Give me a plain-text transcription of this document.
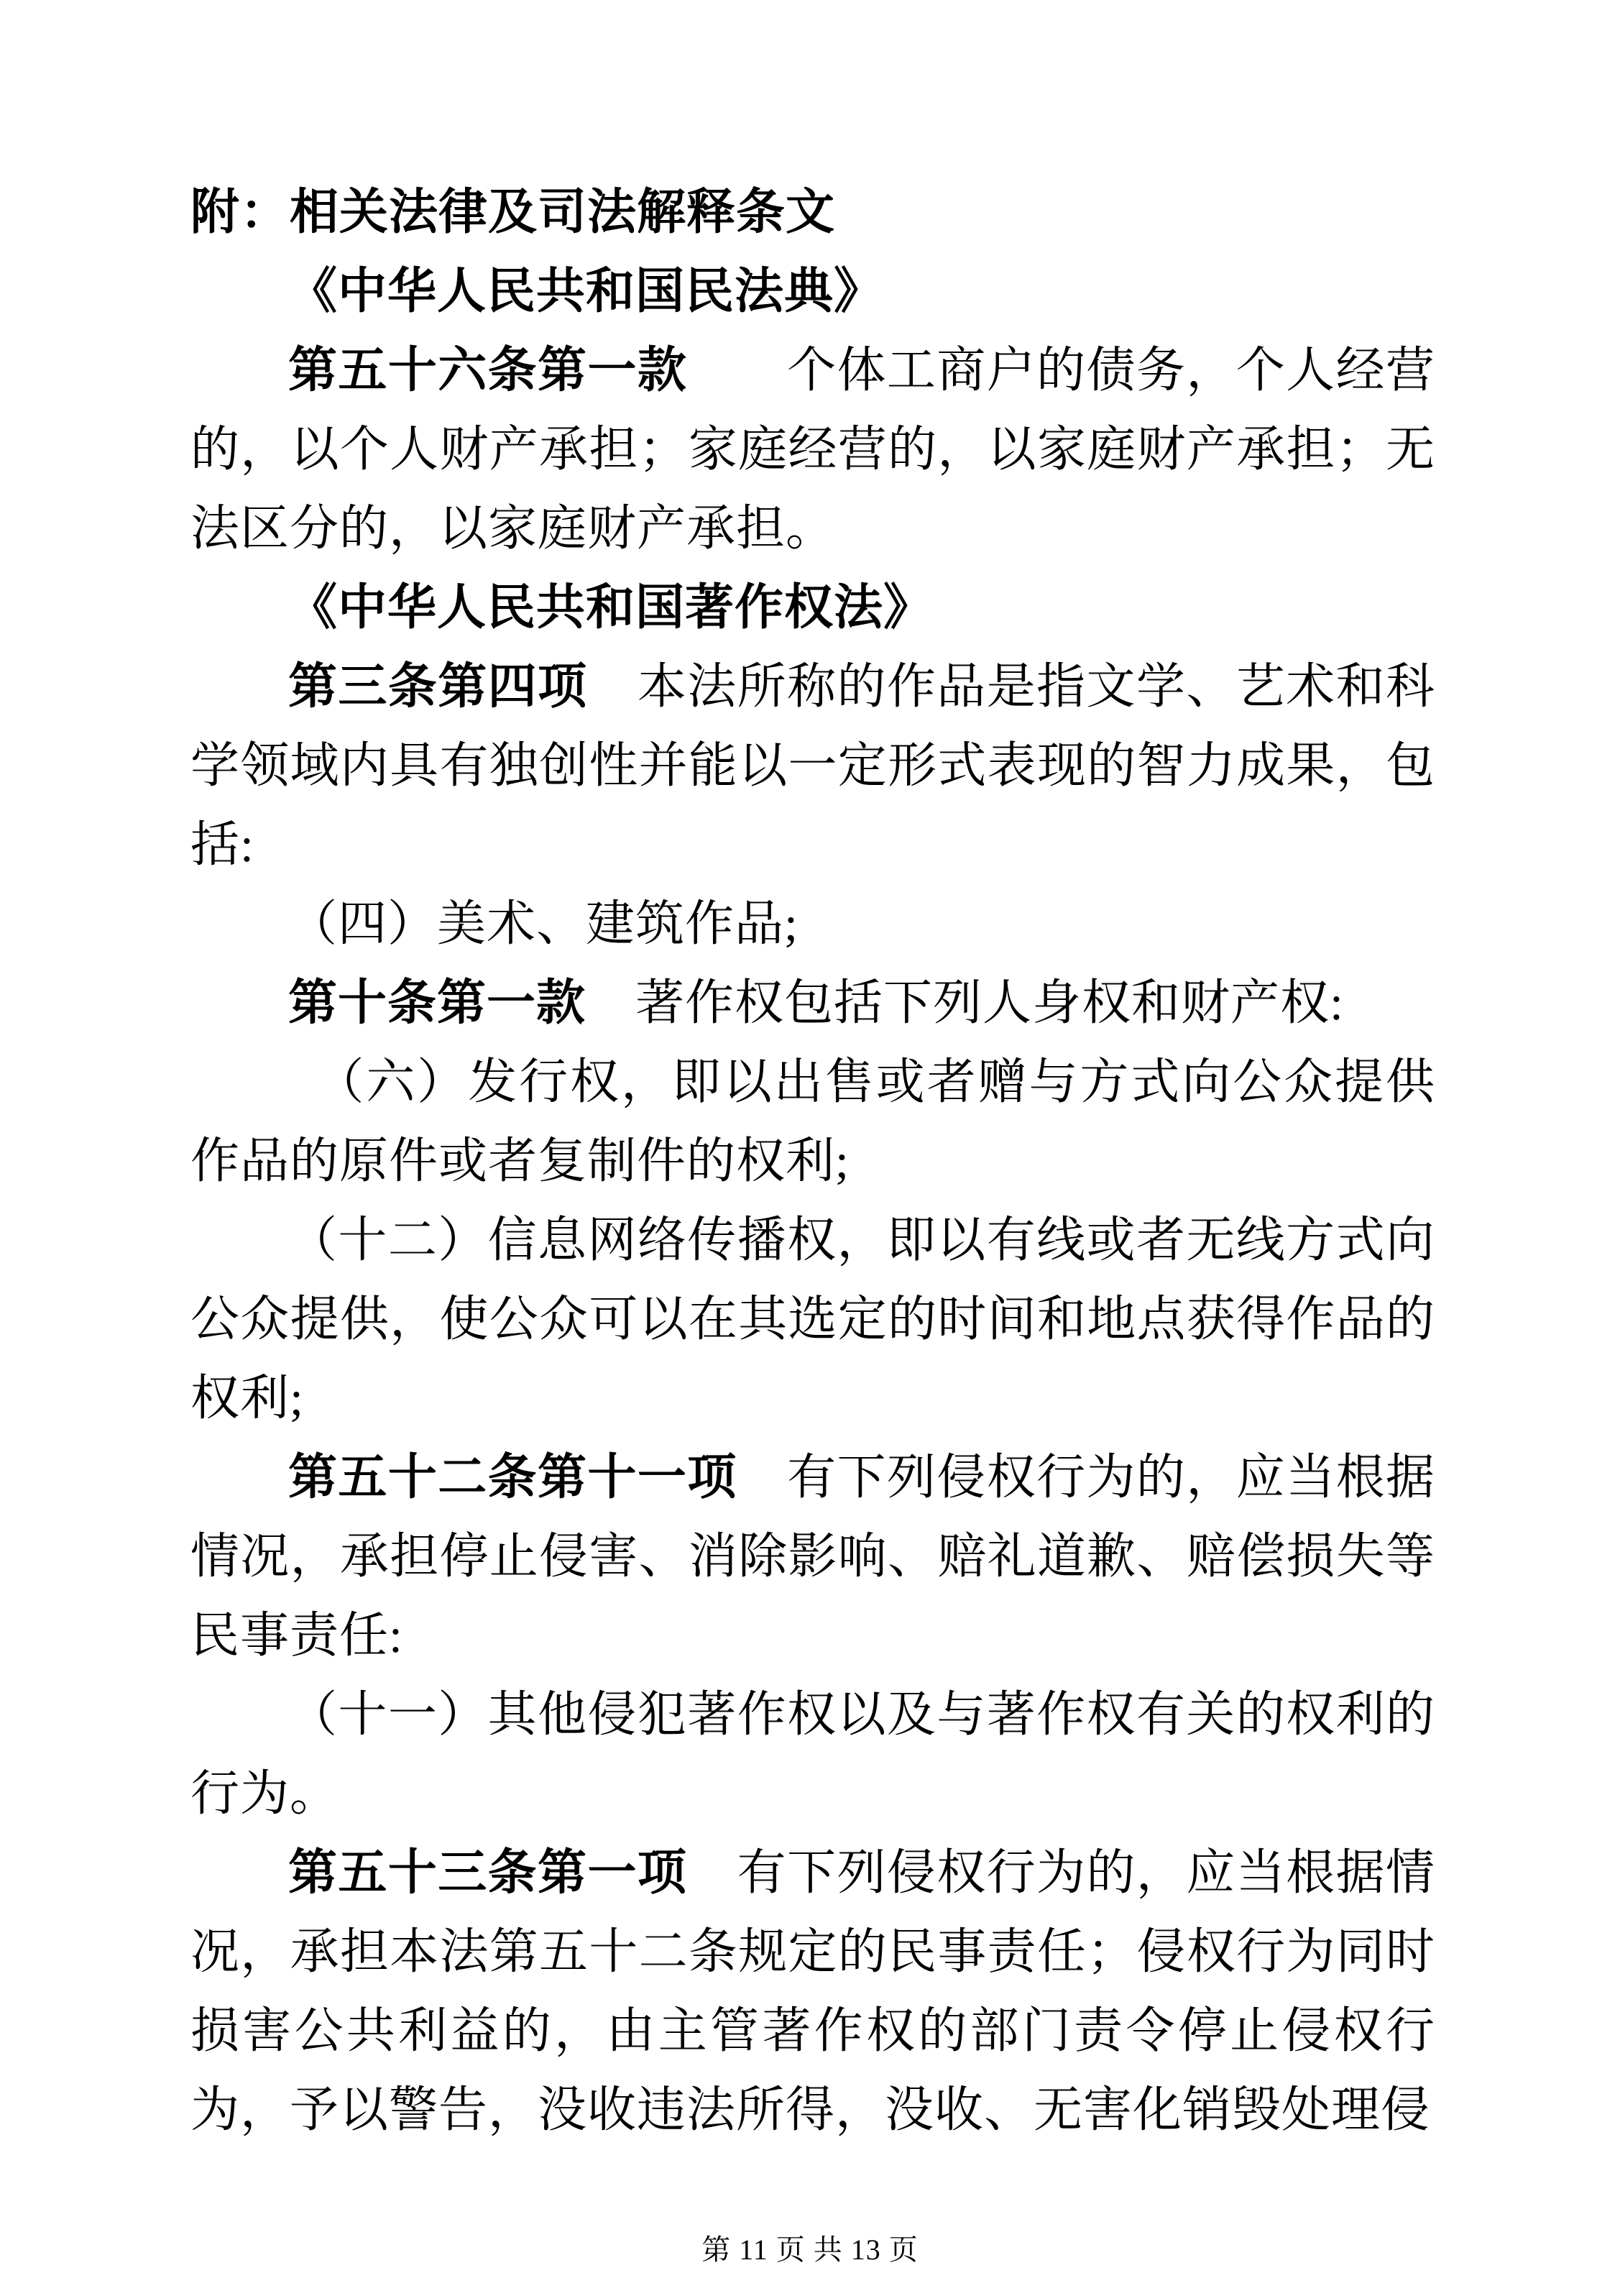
附：相关法律及司法解释条文

《中华人民共和国民法典》

第五十六条第一款　　个体工商户的债务，个人经营的，以个人财产承担；家庭经营的，以家庭财产承担；无法区分的，以家庭财产承担。

《中华人民共和国著作权法》

第三条第四项　本法所称的作品是指文学、艺术和科学领域内具有独创性并能以一定形式表现的智力成果，包括:

（四）美术、建筑作品;

第十条第一款　著作权包括下列人身权和财产权:

（六）发行权，即以出售或者赠与方式向公众提供作品的原件或者复制件的权利;

（十二）信息网络传播权，即以有线或者无线方式向公众提供，使公众可以在其选定的时间和地点获得作品的权利;

第五十二条第十一项　有下列侵权行为的，应当根据情况，承担停止侵害、消除影响、赔礼道歉、赔偿损失等民事责任:

（十一）其他侵犯著作权以及与著作权有关的权利的行为。

第五十三条第一项　有下列侵权行为的，应当根据情况，承担本法第五十二条规定的民事责任；侵权行为同时损害公共利益的，由主管著作权的部门责令停止侵权行为，予以警告，没收违法所得，没收、无害化销毁处理侵

第 11 页 共 13 页
